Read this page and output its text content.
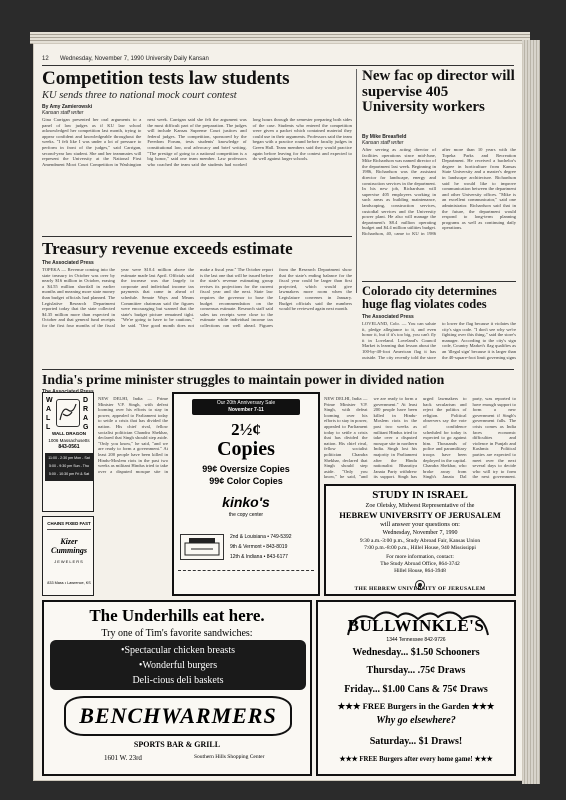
12 Wednesday, November 7, 1990 University Daily Kansan
Competition tests law students
KU sends three to national mock court contest
By Amy Zamierowski
Kansan staff writer
Gina Carrigan presented her oral arguments to a panel of law judges as if KU law school acknowledged her competition last month, trying to appear confident and knowledgeable throughout the weeks. "I felt like I was under a lot of pressure to perform in front of the judges," said Carrigan, second-year law student. She and her teammates will represent the University at the National First Amendment Moot Court Competition in Washington next week. Carrigan said she felt the argument was the most difficult part of the preparation. The judges will include Kansas Supreme Court justices and federal judges. The competition, sponsored by the Freedom Forum, tests students' knowledge of constitutional law, oral advocacy and brief writing. "The prestige of going to a national competition is a big honor," said one team member. Law professors who coached the team said the students had worked long hours through the semester preparing both sides of the case. Students who entered the competition were given a packet which contained material they could use in their arguments. Professors said the team began with a practice round before faculty judges in Green Hall. Team members said they would practice again before leaving for the contest and expected to do well against larger schools.
New fac op director will supervise 405 University workers
By Mike Breasfield
Kansan staff writer
After serving as acting director of facilities operations since mid-June, Mike Richardson was named director of the department last week. Beginning in 1986, Richardson was the assistant director for landscape, energy and construction services in the department. In his new job, Richardson will supervise 405 employees working in such areas as building maintenance, landscaping, construction services, custodial services and the University power plant. He also will manage the department's $8.4 million operating budget and $4.4 million utilities budget. Richardson, 40, came to KU in 1986 after more than 10 years with the Topeka Parks and Recreation Department. He received a bachelor's degree in horticulture from Kansas State University and a master's degree in landscape architecture. Richardson said he would like to improve communication between the department and other University offices. "Mike is an excellent communicator," said one administrator. Richardson said that in the future, the department would respond to long-term planning programs as well as continuing daily operations.
Treasury revenue exceeds estimate
The Associated Press
TOPEKA — Revenue coming into the state treasury in October was over by nearly $16 million in October, erasing a $4.55 million shortfall in earlier months and meaning more state money than budget officials had planned. The Legislative Research Department reported today that the state collected $4.35 million more than expected in October and that general fund receipts for the first four months of the fiscal year were $10.4 million above the estimate made last April. Officials said the increase was due largely to corporate and individual income tax payments that came in ahead of schedule. Senate Ways and Means Committee chairman said the figures were encouraging but warned that the state's budget picture remained tight. "We're going to have to be cautious," he said. "One good month does not make a fiscal year." The October report is the last one that will be issued before the state's revenue estimating group revises its projections for the current fiscal year and the next. State law requires the governor to base the budget recommendation on the consensus estimate. Research staff said sales tax receipts were close to the estimate while individual income tax collections ran well ahead. Figures from the Research Department show that the state's ending balance for the fiscal year could be larger than first projected, which would give lawmakers more room when the Legislature convenes in January. Budget officials said the numbers would be reviewed again next month.
Colorado city determines huge flag violates codes
The Associated Press
LOVELAND, Colo. — You can salute it, pledge allegiance to it, and even honor it, but if it's too big, you can't fly it in Loveland. Loveland's Council Market is learning that lesson about the 100-by-40-foot American flag it has outside. The city recently told the store to lower the flag because it violates the city's sign code. "I don't see why we're fighting over this thing," said the store's manager. According to the city's sign code, Country Market's flag qualifies as an 'illegal sign' because it is larger than the 40-square-foot limit governing signs
India's prime minister struggles to maintain power in divided nation
NEW DELHI, India — Prime Minister V.P. Singh, with defeat looming over his efforts to stay in power, appealed to Parliament today to settle a crisis that has divided the nation. His chief rival, fellow socialist politician Chandra Shekhar, declared that Singh should step aside. "Only you know," he said, "and we are ready to form a government." At least 200 people have been killed in Hindu-Moslem riots in the past two weeks as militant Hindus tried to take over a disputed mosque site in
NEW DELHI, India — Prime Minister V.P. Singh, with defeat looming over his efforts to stay in power, appealed to Parliament today to settle a crisis that has divided the nation. His chief rival, fellow socialist politician Chandra Shekhar, declared that Singh should step aside. "Only you know," he said, "and we are ready to form a government." At least 200 people have been killed in Hindu-Moslem riots in the past two weeks as militant Hindus tried to take over a disputed mosque site in northern India. Singh lost his majority in Parliament after the Hindu nationalist Bharatiya Janata Party withdrew its support. Singh has urged lawmakers to back secularism and reject the politics of religion. Political observers say the vote of confidence scheduled for today is expected to go against him. Thousands of police and paramilitary troops have been deployed in the capital. Chandra Shekhar, who broke away from Singh's Janata Dal party, was reported to have enough support to form a new government if Singh's government falls. The crisis comes as India faces economic difficulties and violence in Punjab and Kashmir. Political parties are expected to meet over the next several days to decide who will try to form the next government.
W A L L
D R A G
WALL DRAGON
1006 Massachusetts
843-0561
11:00 - 2:30 pm Mon - Sat
5:00 - 9:30 pm Sun - Thu
5:00 - 10:30 pm Fri & Sat
CHAINS FIXED FAST
Kizer Cummings
JEWELERS
833 Mass • Lawrence, KS
Our 20th Anniversary Sale
November 7-11
2½¢
Copies
99¢ Oversize Copies
99¢ Color Copies
kinko's
the copy center
2nd & Louisiana • 749-5392
9th & Vermont • 843-8019
12th & Indiana • 843-6177
STUDY IN ISRAEL
Zoe Oletsky, Midwest Representative of the
HEBREW UNIVERSITY OF JERUSALEM
will answer your questions on:
Wednesday, November 7, 1990
9:30 a.m.-3:00 p.m., Study Abroad Fair, Kansas Union
7:00 p.m.-8:00 p.m., Hillel House, 940 Mississippi
For more information, contact:
The Study Abroad Office, 864-3742
Hillel House, 864-3948
THE HEBREW UNIVERSITY OF JERUSALEM
The Underhills eat here.
Try one of Tim's favorite sandwiches:
•Spectacular chicken breasts
•Wonderful burgers
Deli-cious deli baskets
BENCHWARMERS
SPORTS BAR & GRILL
1601 W. 23rd	Southern Hills Shopping Center
BULLWINKLE'S
1344 Tennessee 842-9726
Wednesday... $1.50 Schooners
Thursday... .75¢ Draws
Friday... $1.00 Cans & 75¢ Draws
★★★ FREE Burgers in the Garden ★★★
Why go elsewhere?
Saturday... $1 Draws!
★★★ FREE Burgers after every home game! ★★★
